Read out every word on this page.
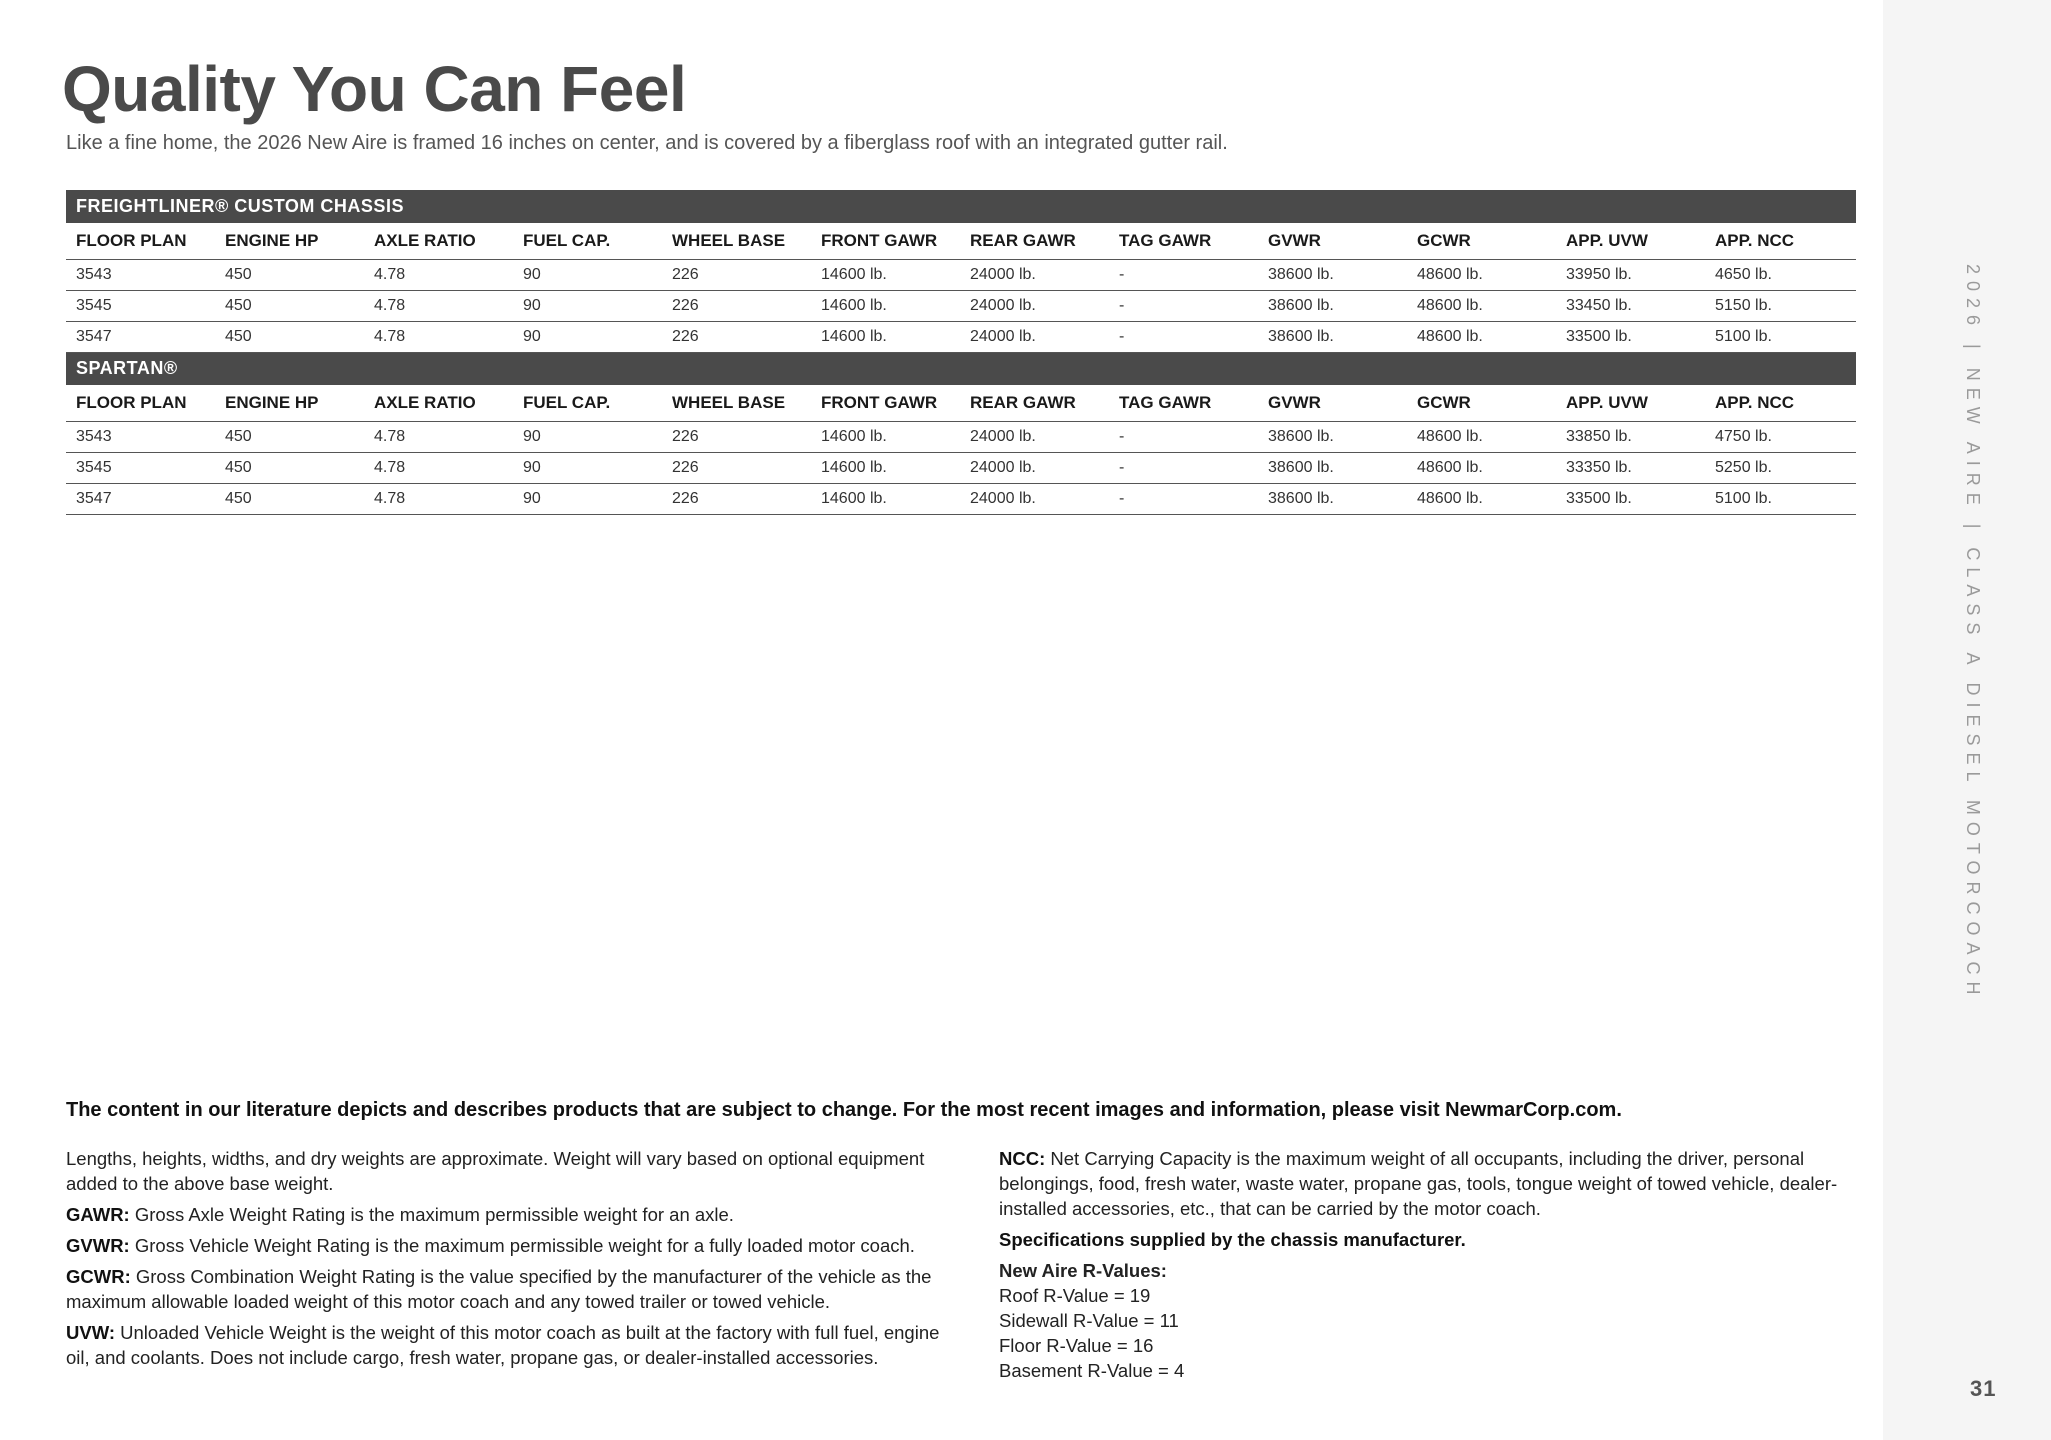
Quality You Can Feel

Like a fine home, the 2026 New Aire is framed 16 inches on center, and is covered by a fiberglass roof with an integrated gutter rail.

FREIGHTLINER® CUSTOM CHASSIS											
FLOOR PLAN	ENGINE HP	AXLE RATIO	FUEL CAP.	WHEEL BASE	FRONT GAWR	REAR GAWR	TAG GAWR	GVWR	GCWR	APP. UVW	APP. NCC
3543	450	4.78	90	226	14600 lb.	24000 lb.	-	38600 lb.	48600 lb.	33950 lb.	4650 lb.
3545	450	4.78	90	226	14600 lb.	24000 lb.	-	38600 lb.	48600 lb.	33450 lb.	5150 lb.
3547	450	4.78	90	226	14600 lb.	24000 lb.	-	38600 lb.	48600 lb.	33500 lb.	5100 lb.
SPARTAN®											
FLOOR PLAN	ENGINE HP	AXLE RATIO	FUEL CAP.	WHEEL BASE	FRONT GAWR	REAR GAWR	TAG GAWR	GVWR	GCWR	APP. UVW	APP. NCC
3543	450	4.78	90	226	14600 lb.	24000 lb.	-	38600 lb.	48600 lb.	33850 lb.	4750 lb.
3545	450	4.78	90	226	14600 lb.	24000 lb.	-	38600 lb.	48600 lb.	33350 lb.	5250 lb.
3547	450	4.78	90	226	14600 lb.	24000 lb.	-	38600 lb.	48600 lb.	33500 lb.	5100 lb.

The content in our literature depicts and describes products that are subject to change. For the most recent images and information, please visit NewmarCorp.com.

Lengths, heights, widths, and dry weights are approximate. Weight will vary based on optional equipment added to the above base weight.

GAWR: Gross Axle Weight Rating is the maximum permissible weight for an axle.

GVWR: Gross Vehicle Weight Rating is the maximum permissible weight for a fully loaded motor coach.

GCWR: Gross Combination Weight Rating is the value specified by the manufacturer of the vehicle as the maximum allowable loaded weight of this motor coach and any towed trailer or towed vehicle.

UVW: Unloaded Vehicle Weight is the weight of this motor coach as built at the factory with full fuel, engine oil, and coolants. Does not include cargo, fresh water, propane gas, or dealer-installed accessories.

NCC: Net Carrying Capacity is the maximum weight of all occupants, including the driver, personal belongings, food, fresh water, waste water, propane gas, tools, tongue weight of towed vehicle, dealer-installed accessories, etc., that can be carried by the motor coach.

Specifications supplied by the chassis manufacturer.

New Aire R-Values:
Roof R-Value = 19
Sidewall R-Value = 11
Floor R-Value = 16
Basement R-Value = 4
2026 | NEW AIRE | CLASS A DIESEL MOTORCOACH
31
